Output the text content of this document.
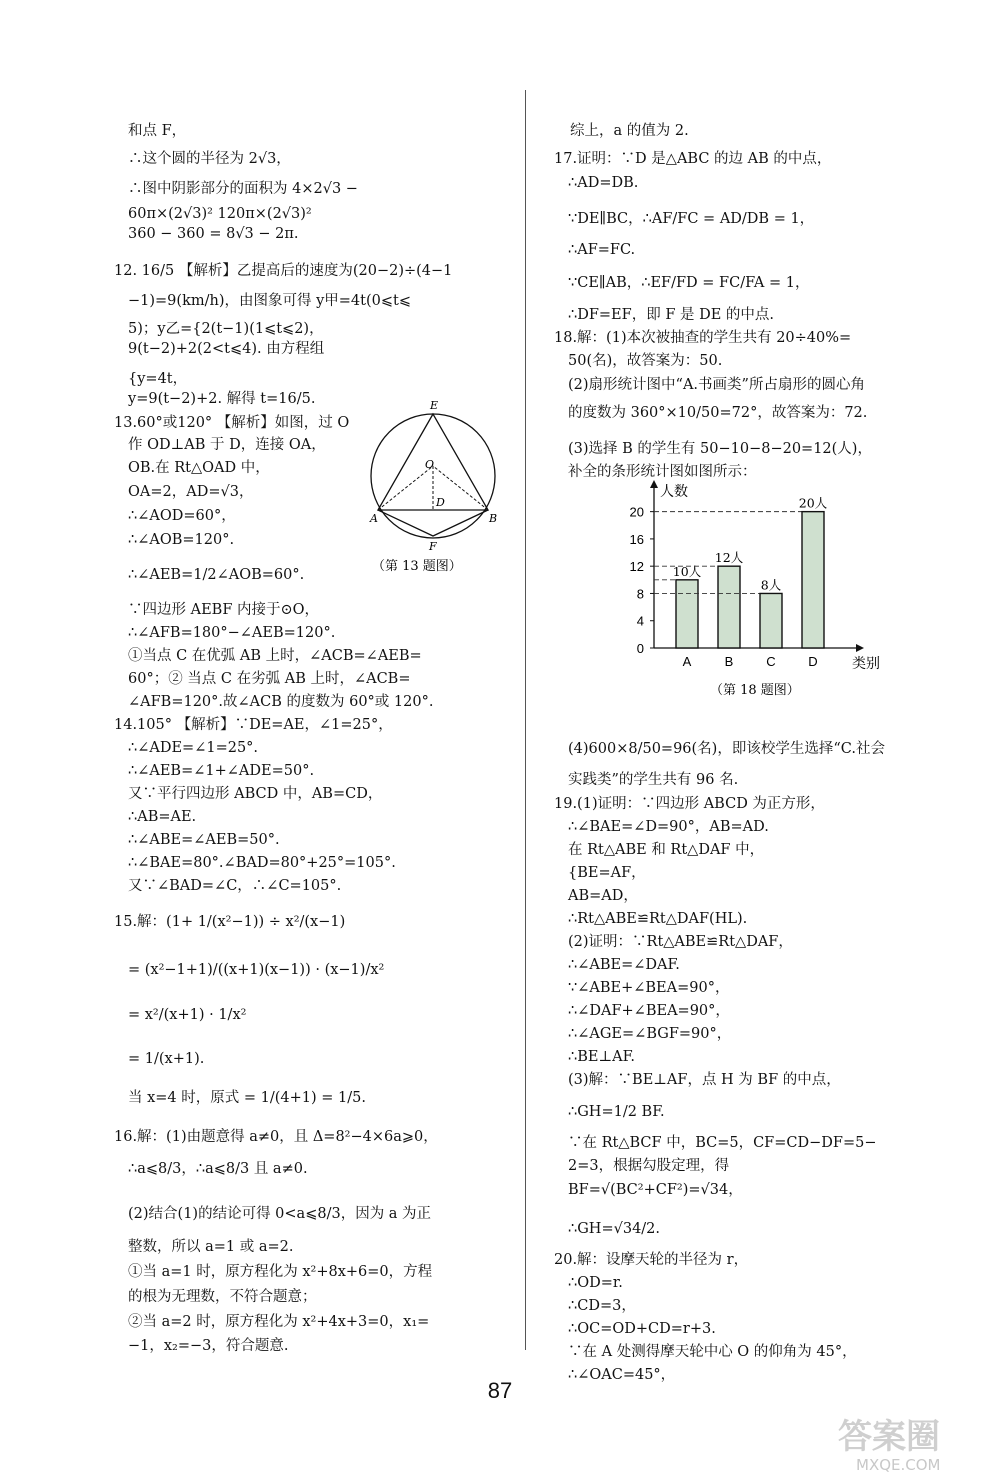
和点 F，
∴这个圆的半径为 2√3，
∴图中阴影部分的面积为 4×2√3 −
60π×(2√3)² 120π×(2√3)²
360 − 360 = 8√3 − 2π.
12. 16/5 【解析】乙提高后的速度为(20−2)÷(4−1
−1)=9(km/h)，由图象可得 y甲=4t(0⩽t⩽
5)；y乙={2(t−1)(1⩽t⩽2)，
9(t−2)+2(2<t⩽4). 由方程组
{y=4t，
y=9(t−2)+2. 解得 t=16/5.
13.60°或120° 【解析】如图，过 O
作 OD⊥AB 于 D，连接 OA，
OB.在 Rt△OAD 中，
OA=2，AD=√3，
∴∠AOD=60°，
∴∠AOB=120°.
∴∠AEB=1/2∠AOB=60°.
∵四边形 AEBF 内接于⊙O，
∴∠AFB=180°−∠AEB=120°.
①当点 C 在优弧 AB 上时，∠ACB=∠AEB=
60°；② 当点 C 在劣弧 AB 上时，∠ACB=
∠AFB=120°.故∠ACB 的度数为 60°或 120°.
14.105° 【解析】∵DE=AE，∠1=25°，
∴∠ADE=∠1=25°.
∴∠AEB=∠1+∠ADE=50°.
又∵平行四边形 ABCD 中，AB=CD，
∴AB=AE.
∴∠ABE=∠AEB=50°.
∴∠BAE=80°.∠BAD=80°+25°=105°.
又∵∠BAD=∠C，∴∠C=105°.
15.解：(1+ 1/(x²−1)) ÷ x²/(x−1)
= (x²−1+1)/((x+1)(x−1)) · (x−1)/x²
= x²/(x+1) · 1/x²
= 1/(x+1).
当 x=4 时，原式 = 1/(4+1) = 1/5.
16.解：(1)由题意得 a≠0，且 Δ=8²−4×6a⩾0，
∴a⩽8/3，∴a⩽8/3 且 a≠0.
(2)结合(1)的结论可得 0<a⩽8/3，因为 a 为正
整数，所以 a=1 或 a=2.
①当 a=1 时，原方程化为 x²+8x+6=0，方程
的根为无理数，不符合题意；
②当 a=2 时，原方程化为 x²+4x+3=0，x₁=
−1，x₂=−3，符合题意.
综上，a 的值为 2.
17.证明：∵D 是△ABC 的边 AB 的中点，
∴AD=DB.
∵DE∥BC，∴AF/FC = AD/DB = 1，
∴AF=FC.
∵CE∥AB，∴EF/FD = FC/FA = 1，
∴DF=EF，即 F 是 DE 的中点.
18.解：(1)本次被抽查的学生共有 20÷40%=
50(名)，故答案为：50.
(2)扇形统计图中“A.书画类”所占扇形的圆心角
的度数为 360°×10/50=72°，故答案为：72.
(3)选择 B 的学生有 50−10−8−20=12(人)，
补全的条形统计图如图所示：
(4)600×8/50=96(名)，即该校学生选择“C.社会
实践类”的学生共有 96 名.
19.(1)证明：∵四边形 ABCD 为正方形，
∴∠BAE=∠D=90°，AB=AD.
在 Rt△ABE 和 Rt△DAF 中，
{BE=AF，
AB=AD，
∴Rt△ABE≌Rt△DAF(HL).
(2)证明：∵Rt△ABE≌Rt△DAF，
∴∠ABE=∠DAF.
∵∠ABE+∠BEA=90°，
∴∠DAF+∠BEA=90°，
∴∠AGE=∠BGF=90°，
∴BE⊥AF.
(3)解：∵BE⊥AF，点 H 为 BF 的中点，
∴GH=1/2 BF.
∵在 Rt△BCF 中，BC=5，CF=CD−DF=5−
2=3，根据勾股定理，得
BF=√(BC²+CF²)=√34，
∴GH=√34/2.
20.解：设摩天轮的半径为 r，
∴OD=r.
∴CD=3，
∴OC=OD+CD=r+3.
∵在 A 处测得摩天轮中心 O 的仰角为 45°，
∴∠OAC=45°，
E
O
D
A	B
F
（第 13 题图）
0
4
8
12
16
20
10人
A
12人
B
8人
C
20人
D
人数
类别
（第 18 题图）
87
答案圈
MXQE.COM
